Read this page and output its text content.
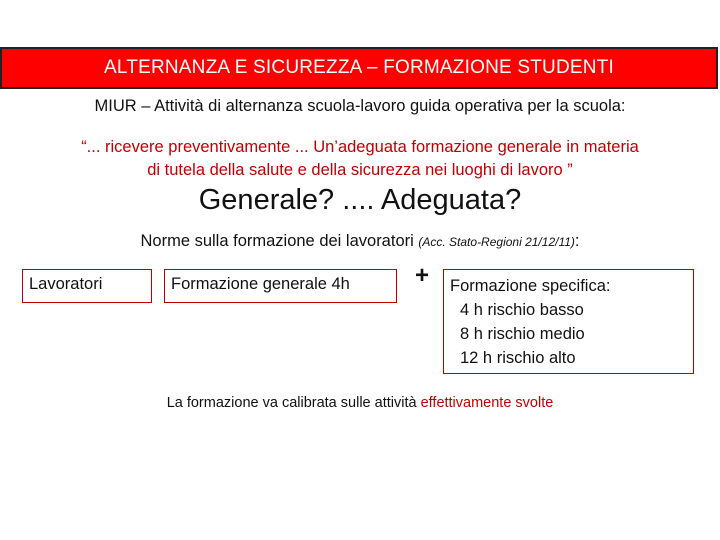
ALTERNANZA E SICUREZZA – FORMAZIONE STUDENTI
MIUR – Attività di alternanza scuola-lavoro guida operativa per la scuola:
“... ricevere preventivamente ... Un’adeguata formazione generale in materia
di tutela della salute e della sicurezza nei luoghi di lavoro ”
Generale? .... Adeguata?
Norme sulla formazione dei lavoratori (Acc. Stato-Regioni 21/12/11):
Lavoratori	Formazione generale 4h	+	Formazione specifica:
4 h rischio basso
8 h rischio medio
12 h rischio alto
La formazione va calibrata sulle attività effettivamente svolte
